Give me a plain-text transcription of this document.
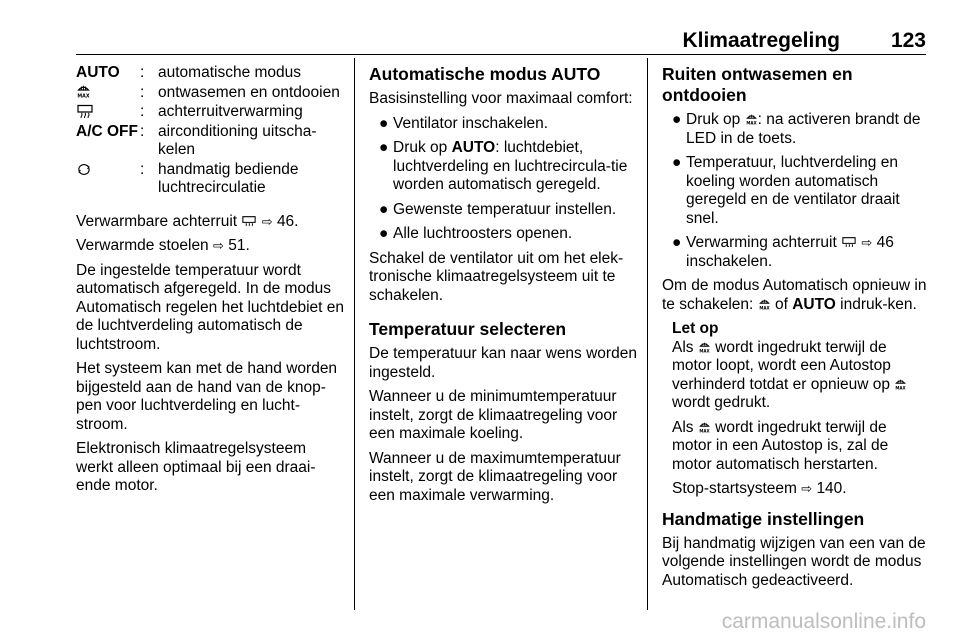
Klimaatregeling 123
AUTO	: automatische modus
MAX	: ontwasemen en ontdooien
: achterruitverwarming
A/C OFF : airconditioning uitscha-kelen
: handmatig bediende luchtrecirculatie

Verwarmbare achterruit ⇨ 46.

Verwarmde stoelen ⇨ 51.

De ingestelde temperatuur wordt automatisch afgeregeld. In de modus Automatisch regelen het luchtdebiet en de luchtverdeling automatisch de luchtstroom.

Het systeem kan met de hand worden bijgesteld aan de hand van de knop-pen voor luchtverdeling en lucht-stroom.

Elektronisch klimaatregelsysteem werkt alleen optimaal bij een draai-ende motor.

Automatische modus AUTO

Basisinstelling voor maximaal comfort:

● Ventilator inschakelen.
● Druk op AUTO: luchtdebiet, luchtverdeling en luchtrecircula-tie worden automatisch geregeld.
● Gewenste temperatuur instellen.
● Alle luchtroosters openen.

Schakel de ventilator uit om het elek-tronische klimaatregelsysteem uit te schakelen.

Temperatuur selecteren

De temperatuur kan naar wens worden ingesteld.

Wanneer u de minimumtemperatuur instelt, zorgt de klimaatregeling voor een maximale koeling.

Wanneer u de maximumtemperatuur instelt, zorgt de klimaatregeling voor een maximale verwarming.

Ruiten ontwasemen en ontdooien
● Druk op MAX : na activeren brandt de LED in de toets.
● Temperatuur, luchtverdeling en koeling worden automatisch geregeld en de ventilator draait snel.
● Verwarming achterruit ⇨ 46 inschakelen.

Om de modus Automatisch opnieuw in te schakelen: MAX of AUTO indruk-ken.

Let op

Als MAX wordt ingedrukt terwijl de motor loopt, wordt een Autostop verhinderd totdat er opnieuw op MAX
wordt gedrukt.

Als MAX wordt ingedrukt terwijl de motor in een Autostop is, zal de motor automatisch herstarten.

Stop-startsysteem ⇨ 140.

Handmatige instellingen

Bij handmatig wijzigen van een van de volgende instellingen wordt de modus Automatisch gedeactiveerd.

carmanualsonline.info
